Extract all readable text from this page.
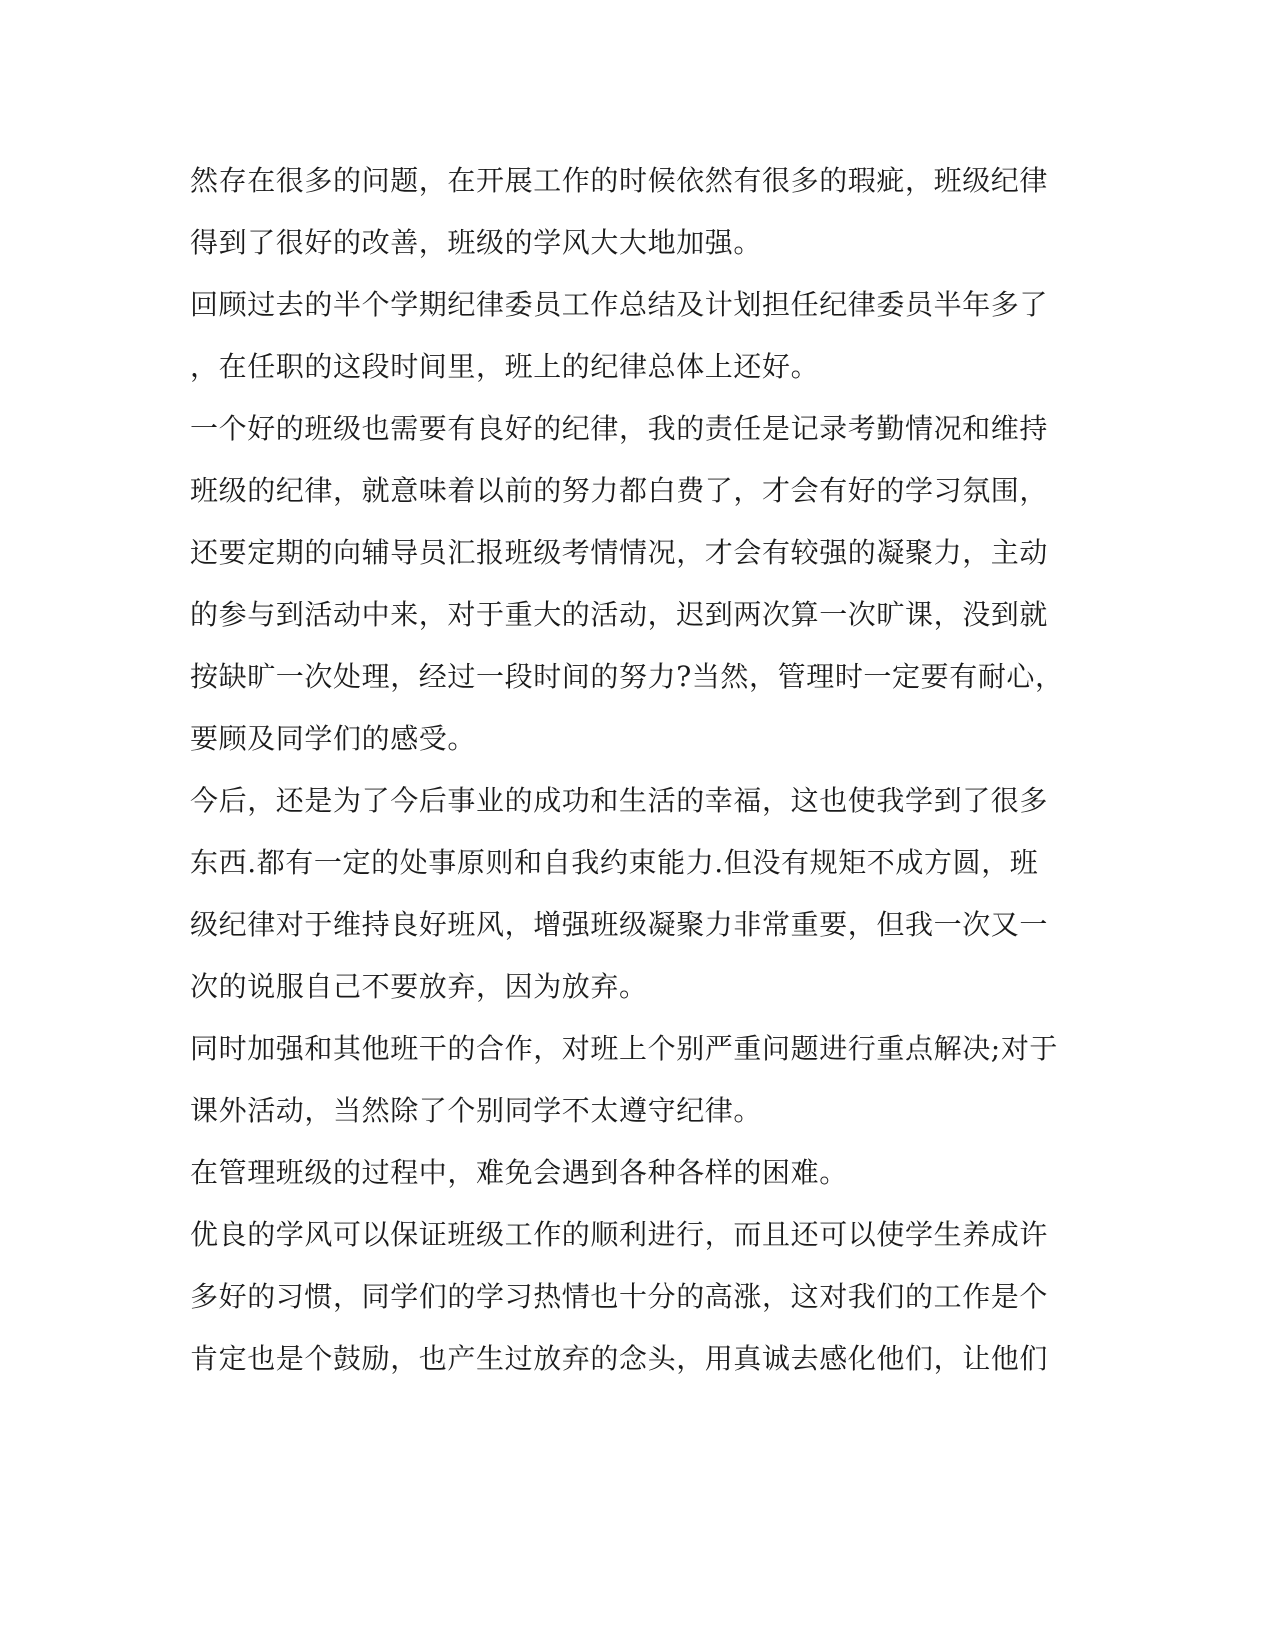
然存在很多的问题，在开展工作的时候依然有很多的瑕疵，班级纪律

得到了很好的改善，班级的学风大大地加强。

回顾过去的半个学期纪律委员工作总结及计划担任纪律委员半年多了

，在任职的这段时间里，班上的纪律总体上还好。

一个好的班级也需要有良好的纪律，我的责任是记录考勤情况和维持

班级的纪律，就意味着以前的努力都白费了，才会有好的学习氛围，

还要定期的向辅导员汇报班级考情情况，才会有较强的凝聚力，主动

的参与到活动中来，对于重大的活动，迟到两次算一次旷课，没到就

按缺旷一次处理，经过一段时间的努力?当然，管理时一定要有耐心，

要顾及同学们的感受。

今后，还是为了今后事业的成功和生活的幸福，这也使我学到了很多

东西.都有一定的处事原则和自我约束能力.但没有规矩不成方圆，班

级纪律对于维持良好班风，增强班级凝聚力非常重要，但我一次又一

次的说服自己不要放弃，因为放弃。

同时加强和其他班干的合作，对班上个别严重问题进行重点解决;对于

课外活动，当然除了个别同学不太遵守纪律。

在管理班级的过程中，难免会遇到各种各样的困难。

优良的学风可以保证班级工作的顺利进行，而且还可以使学生养成许

多好的习惯，同学们的学习热情也十分的高涨，这对我们的工作是个

肯定也是个鼓励，也产生过放弃的念头，用真诚去感化他们，让他们
